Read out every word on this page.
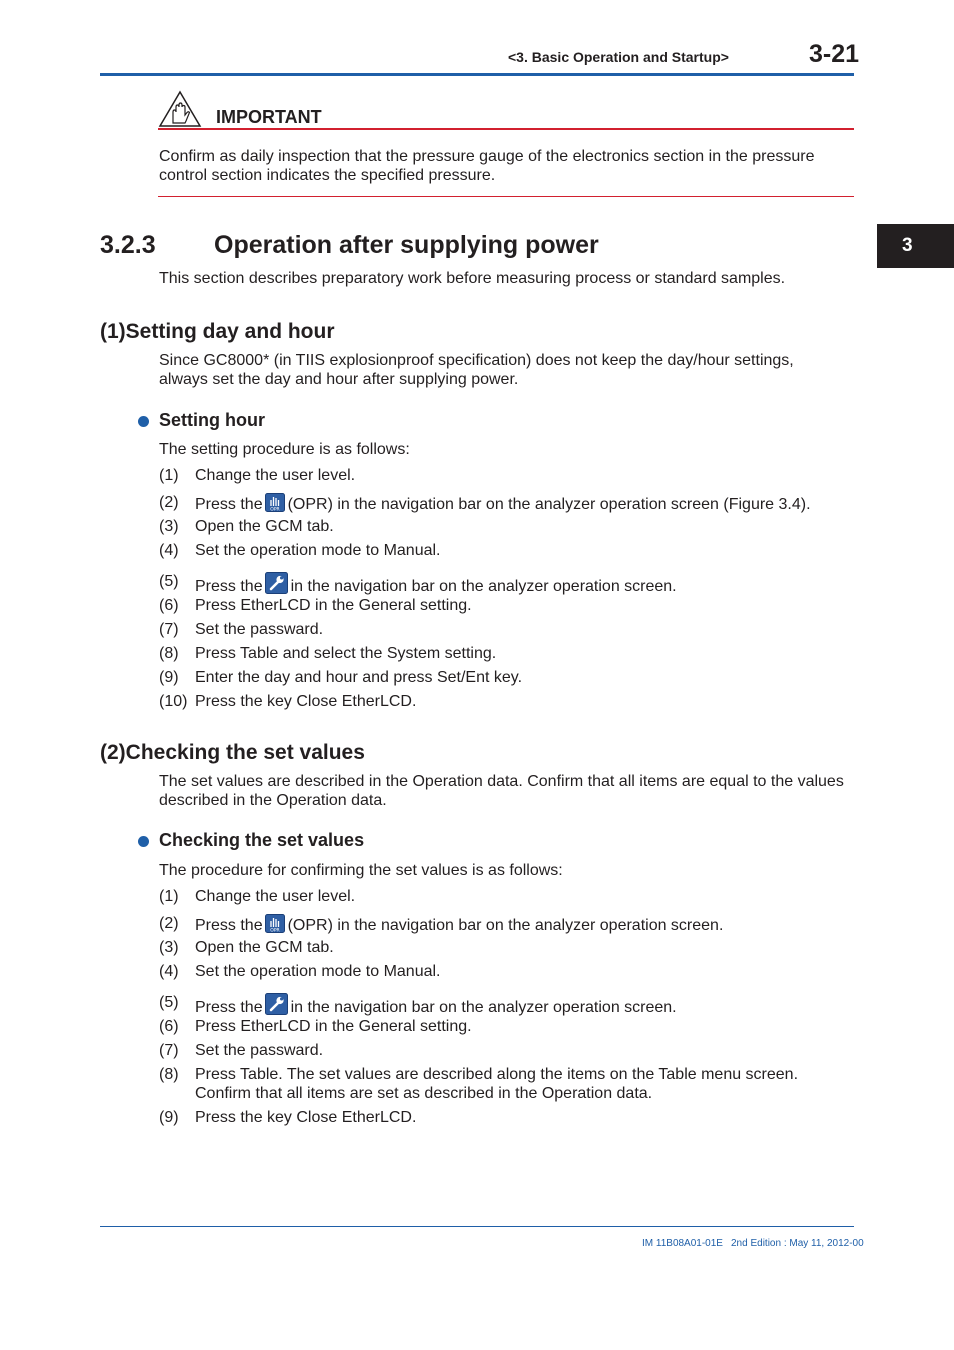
<3. Basic Operation and Startup>	3-21
3
IMPORTANT
Confirm as daily inspection that the pressure gauge of the electronics section in the pressure
control section indicates the specified pressure.
3.2.3 Operation after supplying power
This section describes preparatory work before measuring process or standard samples.
(1)Setting day and hour
Since GC8000* (in TIIS explosionproof specification) does not keep the day/hour settings,
always set the day and hour after supplying power.
Setting hour
The setting procedure is as follows:
(1) Change the user level.
(2) Press the OPR (OPR) in the navigation bar on the analyzer operation screen (Figure 3.4).
(3) Open the GCM tab.
(4) Set the operation mode to Manual.
(5) Press the in the navigation bar on the analyzer operation screen.
(6) Press EtherLCD in the General setting.
(7) Set the passward.
(8) Press Table and select the System setting.
(9) Enter the day and hour and press Set/Ent key.
(10) Press the key Close EtherLCD.
(2)Checking the set values
The set values are described in the Operation data. Confirm that all items are equal to the values
described in the Operation data.
Checking the set values
The procedure for confirming the set values is as follows:
(1) Change the user level.
(2) Press the OPR (OPR) in the navigation bar on the analyzer operation screen.
(3) Open the GCM tab.
(4) Set the operation mode to Manual.
(5) Press the in the navigation bar on the analyzer operation screen.
(6) Press EtherLCD in the General setting.
(7) Set the passward.
(8) Press Table. The set values are described along the items on the Table menu screen.
Confirm that all items are set as described in the Operation data.
(9) Press the key Close EtherLCD.
IM 11B08A01-01E 2nd Edition : May 11, 2012-00
